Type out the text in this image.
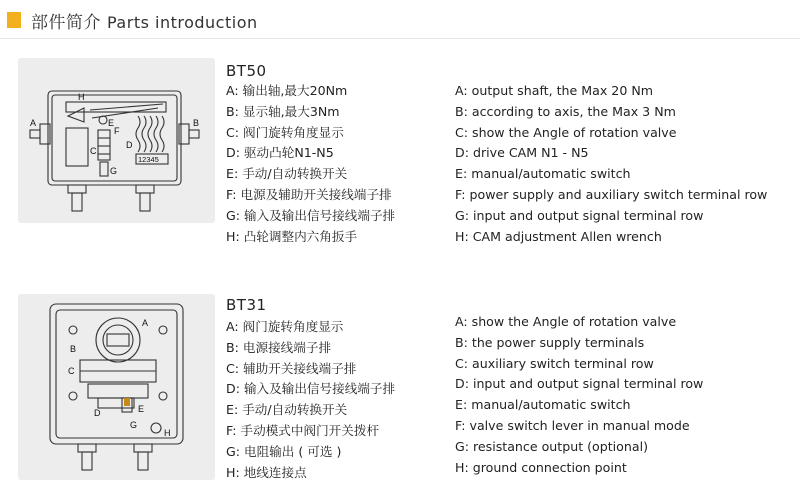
部件简介 Parts introduction
A	B
C
D
E
F
G
H
12345
BT50
A: 输出轴,最大20Nm
B: 显示轴,最大3Nm
C: 阀门旋转角度显示
D: 驱动凸轮N1-N5
E: 手动/自动转换开关
F: 电源及辅助开关接线端子排
G: 输入及输出信号接线端子排
H: 凸轮调整内六角扳手
A: output shaft, the Max 20 Nm
B: according to axis, the Max 3 Nm
C: show the Angle of rotation valve
D: drive CAM N1 - N5
E: manual/automatic switch
F: power supply and auxiliary switch terminal row
G: input and output signal terminal row
H: CAM adjustment Allen wrench
A
B
C
D	E
G
H
BT31
A: 阀门旋转角度显示
B: 电源接线端子排
C: 辅助开关接线端子排
D: 输入及输出信号接线端子排
E: 手动/自动转换开关
F: 手动模式中阀门开关拨杆
G: 电阻输出 ( 可选 )
H: 地线连接点
A: show the Angle of rotation valve
B: the power supply terminals
C: auxiliary switch terminal row
D: input and output signal terminal row
E: manual/automatic switch
F: valve switch lever in manual mode
G: resistance output (optional)
H: ground connection point
